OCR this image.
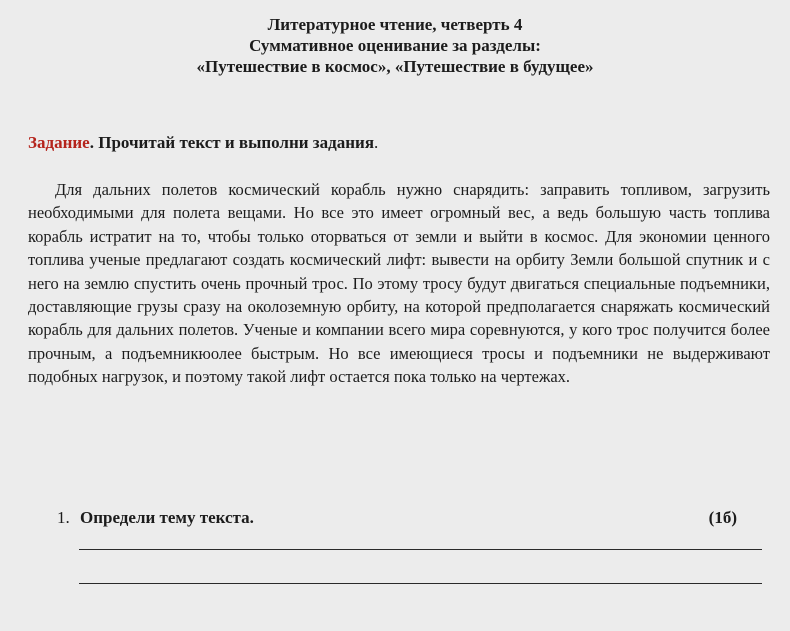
Литературное чтение, четверть 4
Суммативное оценивание за разделы:
«Путешествие в космос», «Путешествие в будущее»
Задание. Прочитай текст и выполни задания.

Для дальних полетов космический корабль нужно снарядить: заправить топливом, загрузить необходимыми для полета вещами. Но все это имеет огромный вес, а ведь большую часть топлива корабль истратит на то, чтобы только оторваться от земли и выйти в космос. Для экономии ценного топлива ученые предлагают создать космический лифт: вывести на орбиту Земли большой спутник и с него на землю спустить очень прочный трос. По этому тросу будут двигаться специальные подъемники, доставляющие грузы сразу на околоземную орбиту, на которой предполагается снаряжать космический корабль для дальних полетов. Ученые и компании всего мира соревнуются, у кого трос получится более прочным, а подъемникюолее быстрым. Но все имеющиеся тросы и подъемники не выдерживают подобных нагрузок, и поэтому такой лифт остается пока только на чертежах.

1. Определи тему текста.	(1б)
